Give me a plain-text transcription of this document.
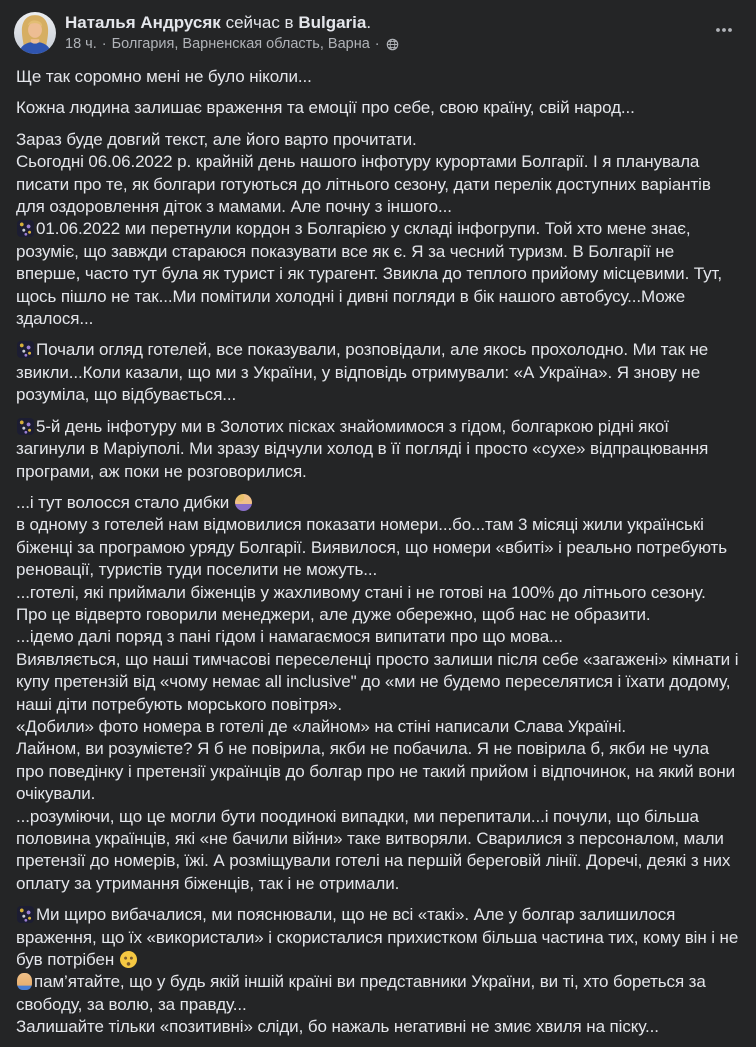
Наталья Андрусяк сейчас в Bulgaria.
18 ч. · Болгария, Варненская область, Варна ·
Ще так соромно мені не було ніколи...
Кожна людина залишає враження та емоції про себе, свою країну, свій народ...
Зараз буде довгий текст, але його варто прочитати.
Сьогодні 06.06.2022 р. крайній день нашого інфотуру курортами Болгарії. І я планувала писати про те, як болгари готуються до літнього сезону, дати перелік доступних варіантів для оздоровлення діток з мамами. Але почну з іншого...
01.06.2022 ми перетнули кордон з Болгарією у складі інфогрупи. Той хто мене знає, розуміє, що завжди стараюся показувати все як є. Я за чесний туризм. В Болгарії не вперше, часто тут була як турист і як турагент. Звикла до теплого прийому місцевими. Тут, щось пішло не так...Ми помітили холодні і дивні погляди в бік нашого автобусу...Може здалося...
Почали огляд готелей, все показували, розповідали, але якось прохолодно. Ми так не звикли...Коли казали, що ми з України, у відповідь отримували: «А Україна». Я знову не розуміла, що відбувається...
5-й день інфотуру ми в Золотих пісках знайомимося з гідом, болгаркою рідні якої загинули в Маріуполі. Ми зразу відчули холод в її погляді і просто «сухе» відпрацювання програми, аж поки не розговорилися.
...і тут волосся стало дибки
в одному з готелей нам відмовилися показати номери...бо...там 3 місяці жили українські біженці за програмою уряду Болгарії. Виявилося, що номери «вбиті» і реально потребують реновації, туристів туди поселити не можуть...
...готелі, які приймали біженців у жахливому стані і не готові на 100% до літнього сезону. Про це відверто говорили менеджери, але дуже обережно, щоб нас не образити.
...ідемо далі поряд з пані гідом і намагаємося випитати про що мова...
Виявляється, що наші тимчасові переселенці просто залиши після себе «загажені» кімнати і купу претензій від «чому немає all inclusive" до «ми не будемо переселятися і їхати додому, наші діти потребують морського повітря».
«Добили» фото номера в готелі де «лайном» на стіні написали Слава Україні.
Лайном, ви розумієте? Я б не повірила, якби не побачила. Я не повірила б, якби не чула про поведінку і претензії українців до болгар про не такий прийом і відпочинок, на який вони очікували.
...розуміючи, що це могли бути поодинокі випадки, ми перепитали...і почули, що більша половина українців, які «не бачили війни» таке витворяли. Сварилися з персоналом, мали претензії до номерів, їжі. А розміщували готелі на першій береговій лінії. Доречі, деякі з них оплату за утримання біженців, так і не отримали.
Ми щиро вибачалися, ми пояснювали, що не всі «такі». Але у болгар залишилося враження, що їх «використали» і скористалися прихистком більша частина тих, кому він і не був потрібен
пам’ятайте, що у будь якій іншій країні ви представники України, ви ті, хто бореться за свободу, за волю, за правду...
Залишайте тільки «позитивні» сліди, бо нажаль негативні не змиє хвиля на піску...
